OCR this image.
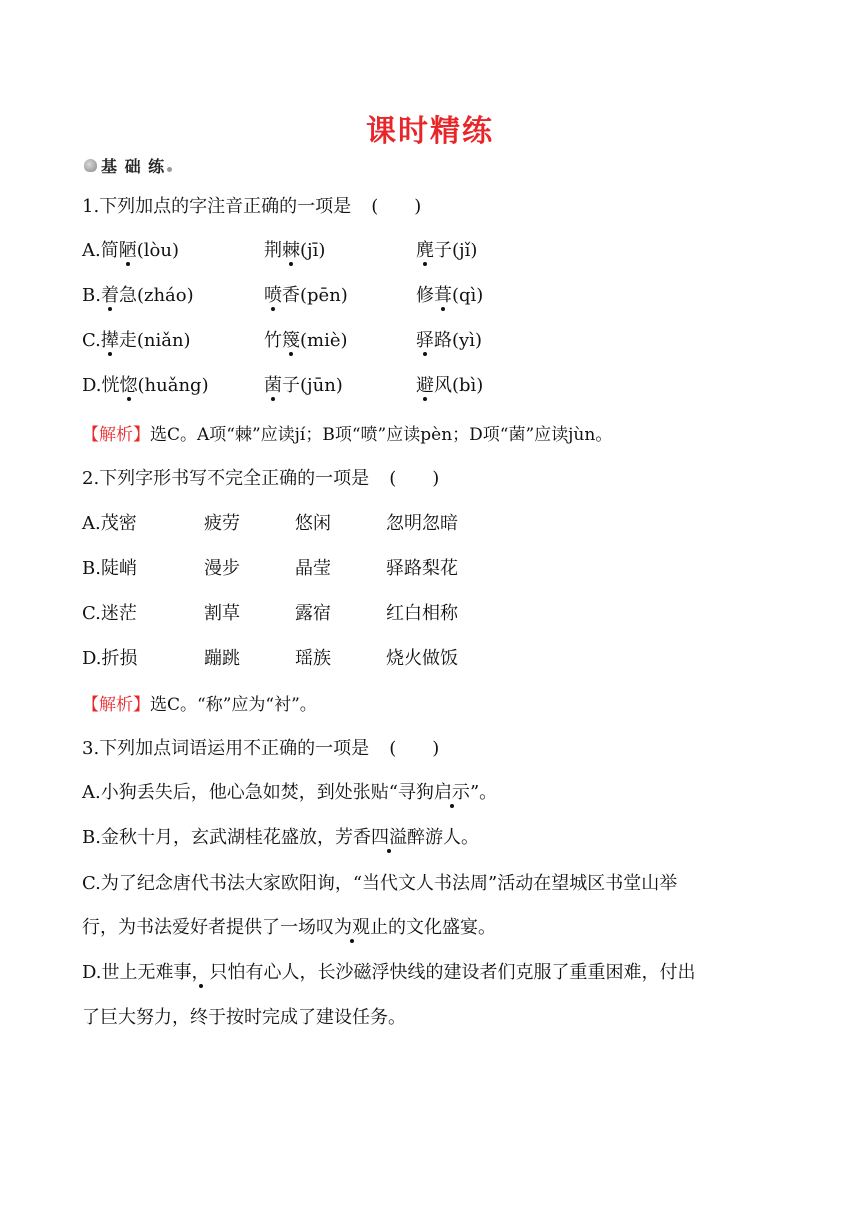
课时精练
基 础 练
1.下列加点的字注音正确的一项是 (　　)
A.简陋(lòu)	荆棘(jī)	麂子(jǐ)
B.着急(zháo)	喷香(pēn)	修葺(qì)
C.撵走(niǎn)	竹篾(miè)	驿路(yì)
D.恍惚(huǎng)	菌子(jūn)	避风(bì)
【解析】选C。A项“棘”应读jí；B项“喷”应读pèn；D项“菌”应读jùn。
2.下列字形书写不完全正确的一项是 (　　)
A.茂密	疲劳	悠闲	忽明忽暗
B.陡峭	漫步	晶莹	驿路梨花
C.迷茫	割草	露宿	红白相称
D.折损	蹦跳	瑶族	烧火做饭
【解析】选C。“称”应为“衬”。
3.下列加点词语运用不正确的一项是 (　　)
A.小狗丢失后，他心急如焚，到处张贴“寻狗启示”。
B.金秋十月，玄武湖桂花盛放，芳香四溢醉游人。
C.为了纪念唐代书法大家欧阳询，“当代文人书法周”活动在望城区书堂山举
行，为书法爱好者提供了一场叹为观止的文化盛宴。
D.世上无难事，只怕有心人，长沙磁浮快线的建设者们克服了重重困难，付出
了巨大努力，终于按时完成了建设任务。
